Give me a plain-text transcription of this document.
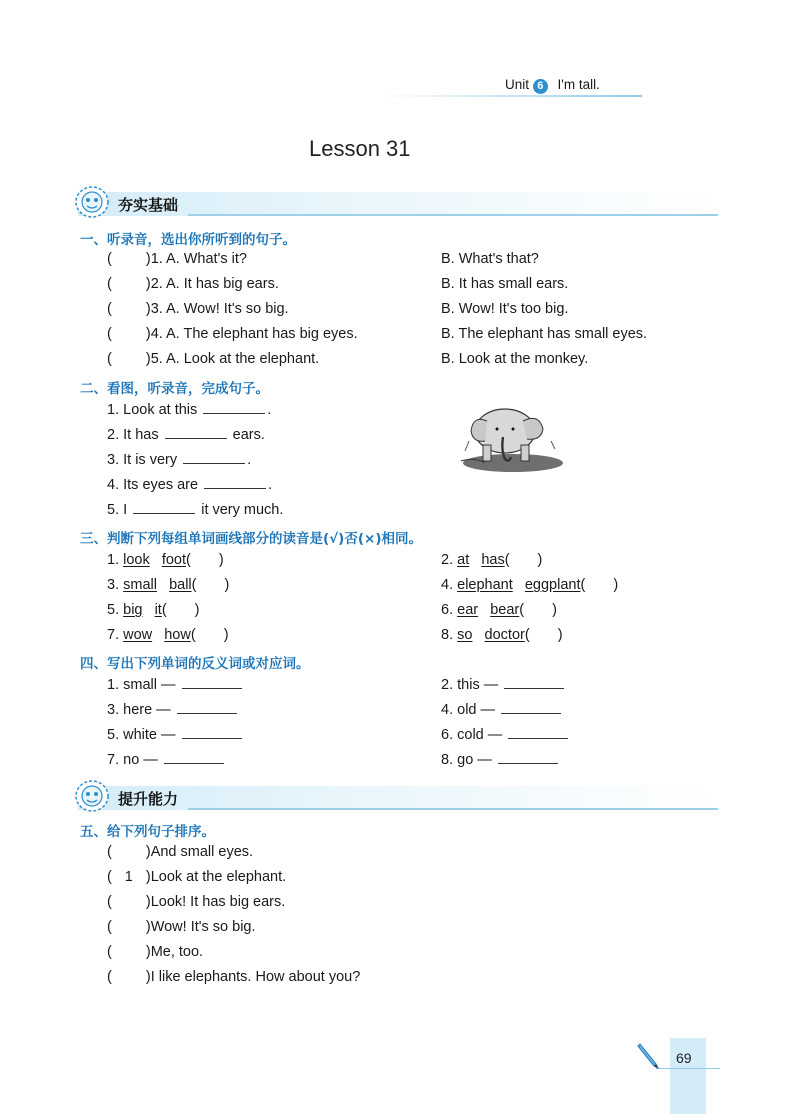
Unit 6 I'm tall.
Lesson 31
夯实基础
一、听录音，选出你所听到的句子。
( )1. A. What's it?	B. What's that?
( )2. A. It has big ears.	B. It has small ears.
( )3. A. Wow! It's so big.	B. Wow! It's too big.
( )4. A. The elephant has big eyes.	B. The elephant has small eyes.
( )5. A. Look at the elephant.	B. Look at the monkey.
二、看图，听录音，完成句子。
1. Look at this	.
2. It has	ears.
3. It is very	.
4. Its eyes are	.
5. I	it very much.
三、判断下列每组单词画线部分的读音是(√)否(×)相同。
1. look foot( )	2. at has( )
3. small ball( )	4. elephant eggplant( )
5. big it( )	6. ear bear( )
7. wow how( )	8. so doctor( )
四、写出下列单词的反义词或对应词。
1. small —	2. this —
3. here —	4. old —
5. white —	6. cold —
7. no —	8. go —
提升能力
五、给下列句子排序。
( )And small eyes.
( 1 )Look at the elephant.
( )Look! It has big ears.
( )Wow! It's so big.
( )Me, too.
( )I like elephants. How about you?
69
